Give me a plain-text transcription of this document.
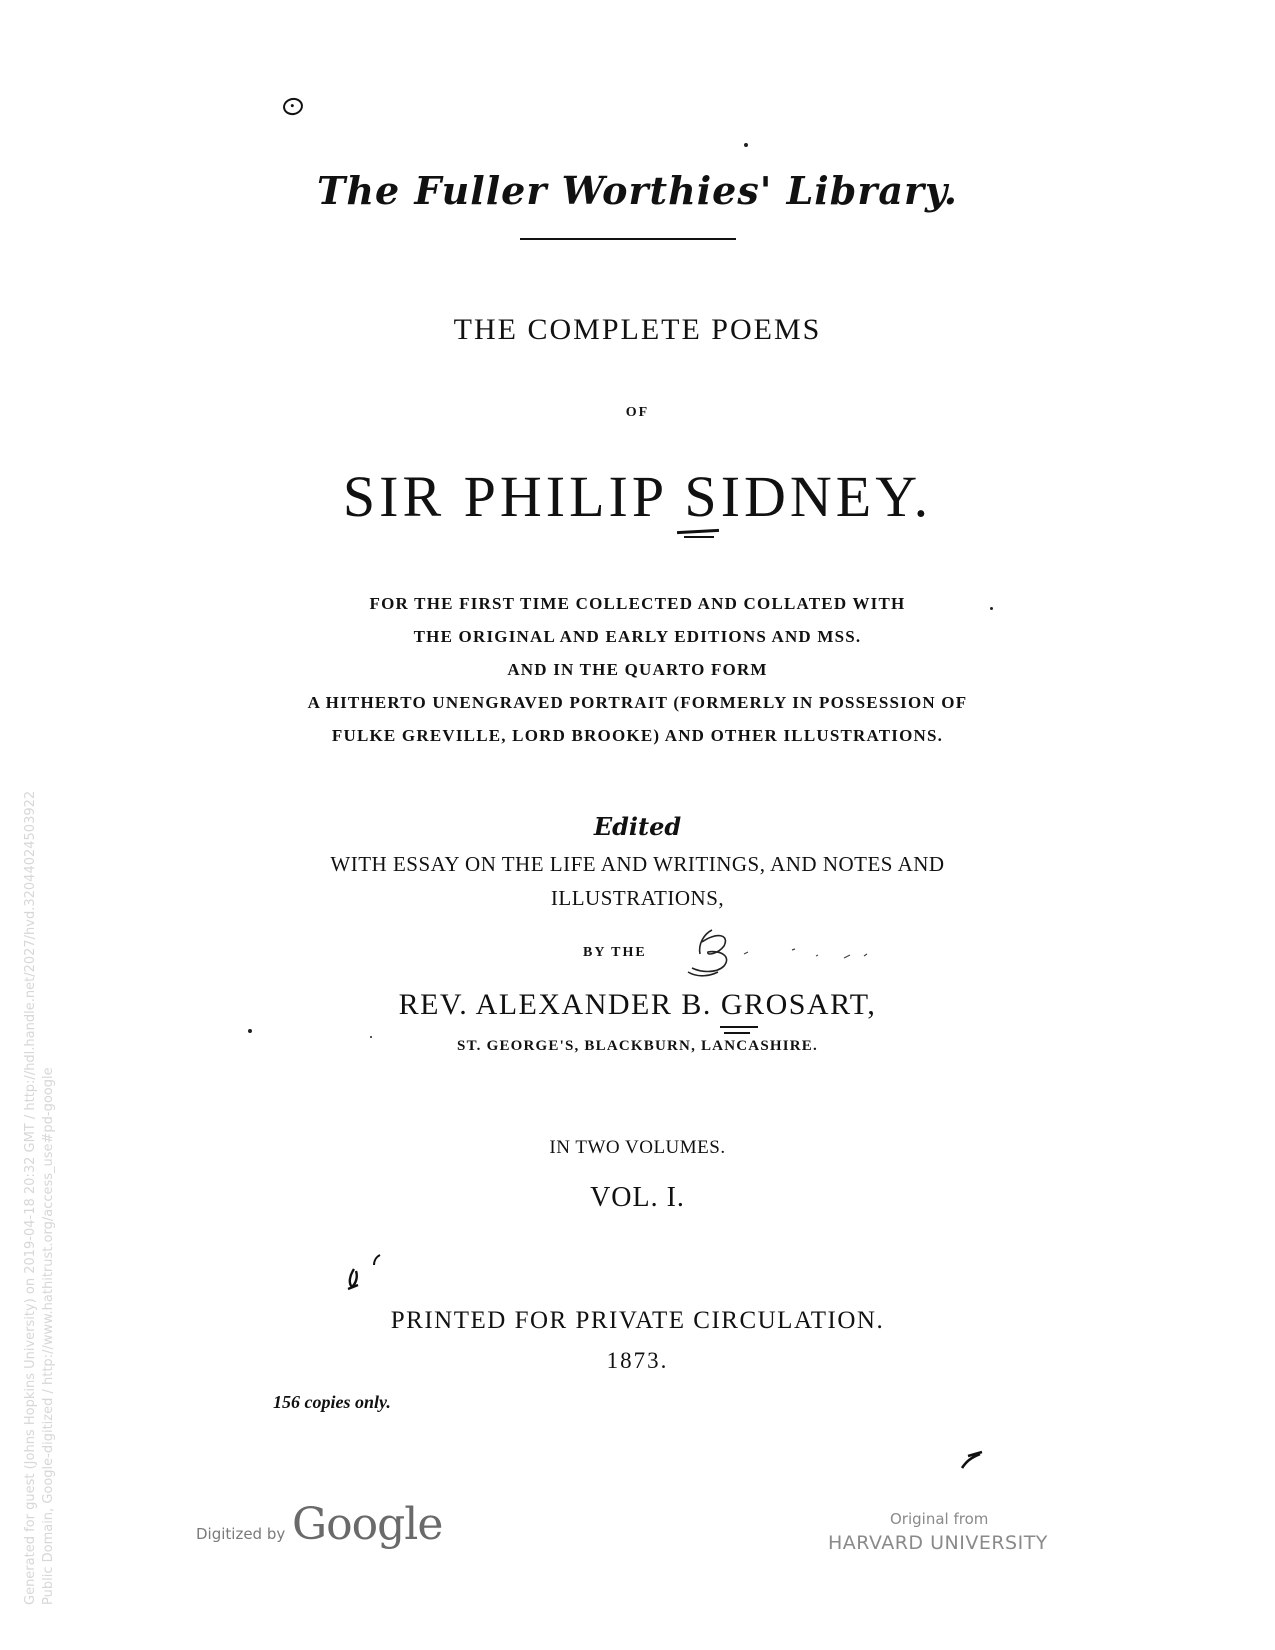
The Fuller Worthies' Library.
THE COMPLETE POEMS
OF
SIR PHILIP SIDNEY.
FOR THE FIRST TIME COLLECTED AND COLLATED WITH
THE ORIGINAL AND EARLY EDITIONS AND MSS.
AND IN THE QUARTO FORM
A HITHERTO UNENGRAVED PORTRAIT (FORMERLY IN POSSESSION OF
FULKE GREVILLE, LORD BROOKE) AND OTHER ILLUSTRATIONS.
Edited
WITH ESSAY ON THE LIFE AND WRITINGS, AND NOTES AND
ILLUSTRATIONS,
BY THE
REV. ALEXANDER B. GROSART,
ST. GEORGE'S, BLACKBURN, LANCASHIRE.
IN TWO VOLUMES.
VOL. I.
PRINTED FOR PRIVATE CIRCULATION.
1873.
156 copies only.
Generated for guest (Johns Hopkins University) on 2019-04-18 20:32 GMT / http://hdl.handle.net/2027/hvd.32044024503922 Public Domain, Google-digitized / http://www.hathitrust.org/access_use#pd-google	Digitized by Google	Original from
HARVARD UNIVERSITY
